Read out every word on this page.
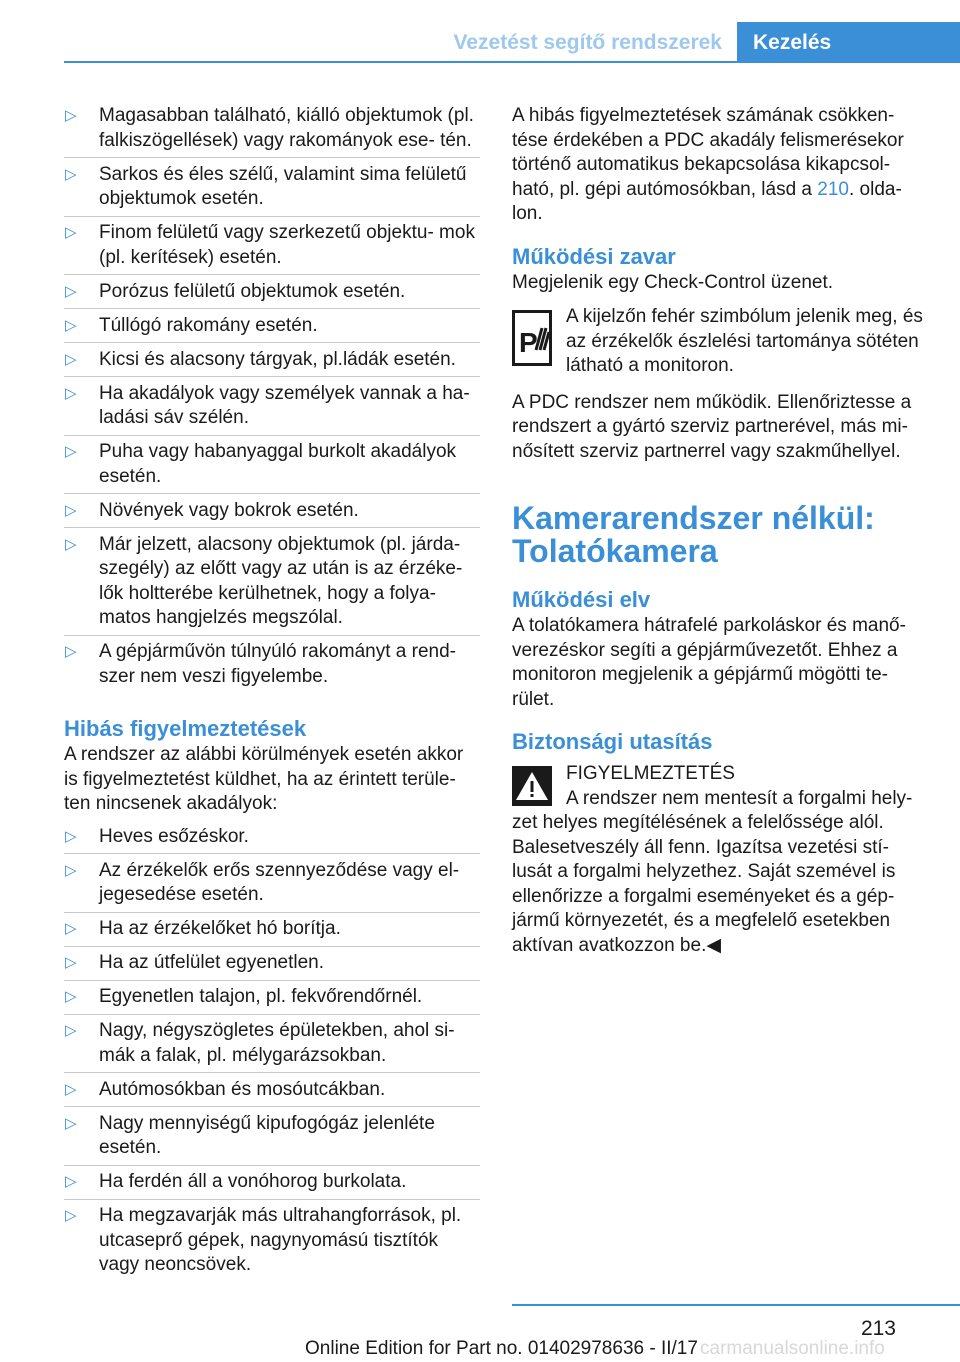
Vezetést segítő rendszerek Kezelés
▷ Magasabban található, kiálló objektumok (pl. falkiszögellések) vagy rakományok ese- tén.
▷ Sarkos és éles szélű, valamint sima felületű objektumok esetén.
▷ Finom felületű vagy szerkezetű objektu- mok (pl. kerítések) esetén.
▷ Porózus felületű objektumok esetén.
▷ Túllógó rakomány esetén.
▷ Kicsi és alacsony tárgyak, pl.ládák esetén.
▷ Ha akadályok vagy személyek vannak a ha- ladási sáv szélén.
▷ Puha vagy habanyaggal burkolt akadályok esetén.
▷ Növények vagy bokrok esetén.
▷ Már jelzett, alacsony objektumok (pl. járda- szegély) az előtt vagy az után is az érzéke- lők holtterébe kerülhetnek, hogy a folya- matos hangjelzés megszólal.
▷ A gépjárművön túlnyúló rakományt a rend- szer nem veszi figyelembe.
Hibás figyelmeztetések

A rendszer az alábbi körülmények esetén akkor is figyelmeztetést küldhet, ha az érintett terüle- ten nincsenek akadályok:

▷ Heves esőzéskor.
▷ Az érzékelők erős szennyeződése vagy el- jegesedése esetén.
▷ Ha az érzékelőket hó borítja.
▷ Ha az útfelület egyenetlen.
▷ Egyenetlen talajon, pl. fekvőrendőrnél.
▷ Nagy, négyszögletes épületekben, ahol si- mák a falak, pl. mélygarázsokban.
▷ Autómosókban és mosóutcákban.
▷ Nagy mennyiségű kipufogógáz jelenléte esetén.
▷ Ha ferdén áll a vonóhorog burkolata.
▷ Ha megzavarják más ultrahangforrások, pl. utcaseprő gépek, nagynyomású tisztítók vagy neoncsövek.

A hibás figyelmeztetések számának csökken- tése érdekében a PDC akadály felismerésekor történő automatikus bekapcsolása kikapcsol- ható, pl. gépi autómosókban, lásd a 210. olda- lon.

Működési zavar

Megjelenik egy Check-Control üzenet.

P

A kijelzőn fehér szimbólum jelenik meg, és az érzékelők észlelési tartománya sötéten látható a monitoron.

A PDC rendszer nem működik. Ellenőriztesse a rendszert a gyártó szerviz partnerével, más mi- nősített szerviz partnerrel vagy szakműhellyel.

Kamerarendszer nélkül: Tolatókamera
Működési elv

A tolatókamera hátrafelé parkoláskor és manő- verezéskor segíti a gépjárművezetőt. Ehhez a monitoron megjelenik a gépjármű mögötti te- rület.

Biztonsági utasítás
FIGYELMEZTETÉS

A rendszer nem mentesít a forgalmi hely- zet helyes megítélésének a felelőssége alól. Balesetveszély áll fenn. Igazítsa vezetési stí- lusát a forgalmi helyzethez. Saját szemével is ellenőrizze a forgalmi eseményeket és a gép- jármű környezetét, és a megfelelő esetekben aktívan avatkozzon be.◀

213
carmanualsonline.info
Online Edition for Part no. 01402978636 - II/17
